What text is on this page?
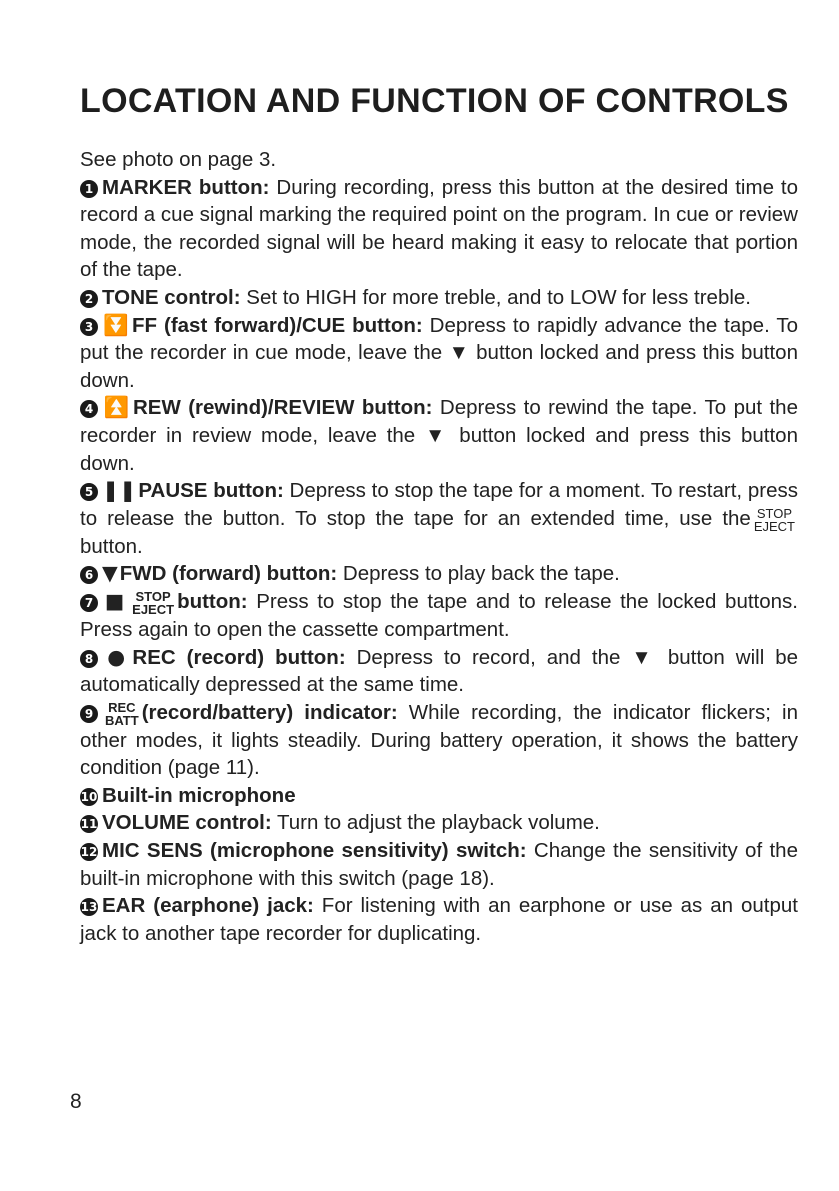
LOCATION AND FUNCTION OF CONTROLS

See photo on page 3.

1 MARKER button: During recording, press this button at the desired time to record a cue signal marking the required point on the program. In cue or review mode, the recorded signal will be heard making it easy to relocate that portion of the tape.

2 TONE control: Set to HIGH for more treble, and to LOW for less treble.

3 ⏬FF (fast forward)/CUE button: Depress to rapidly advance the tape. To put the recorder in cue mode, leave the ▼ button locked and press this button down.

4 ⏫REW (rewind)/REVIEW button: Depress to rewind the tape. To put the recorder in review mode, leave the ▼ button locked and press this button down.

5 ❚❚PAUSE button: Depress to stop the tape for a moment. To restart, press to release the button. To stop the tape for an extended time, use the STOP
EJECT
button.

6 ▼FWD (forward) button: Depress to play back the tape.

7 ■ STOP
EJECT button: Press to stop the tape and to release the locked buttons. Press again to open the cassette compartment.

8 ●REC (record) button: Depress to record, and the ▼ button will be automatically depressed at the same time.

9 REC
BATT (record/battery) indicator: While recording, the indicator flickers; in other modes, it lights steadily. During battery operation, it shows the battery condition (page 11).

10 Built-in microphone

11 VOLUME control: Turn to adjust the playback volume.

12 MIC SENS (microphone sensitivity) switch: Change the sensitivity of the built-in microphone with this switch (page 18).

13 EAR (earphone) jack: For listening with an earphone or use as an output jack to another tape recorder for duplicating.

8
